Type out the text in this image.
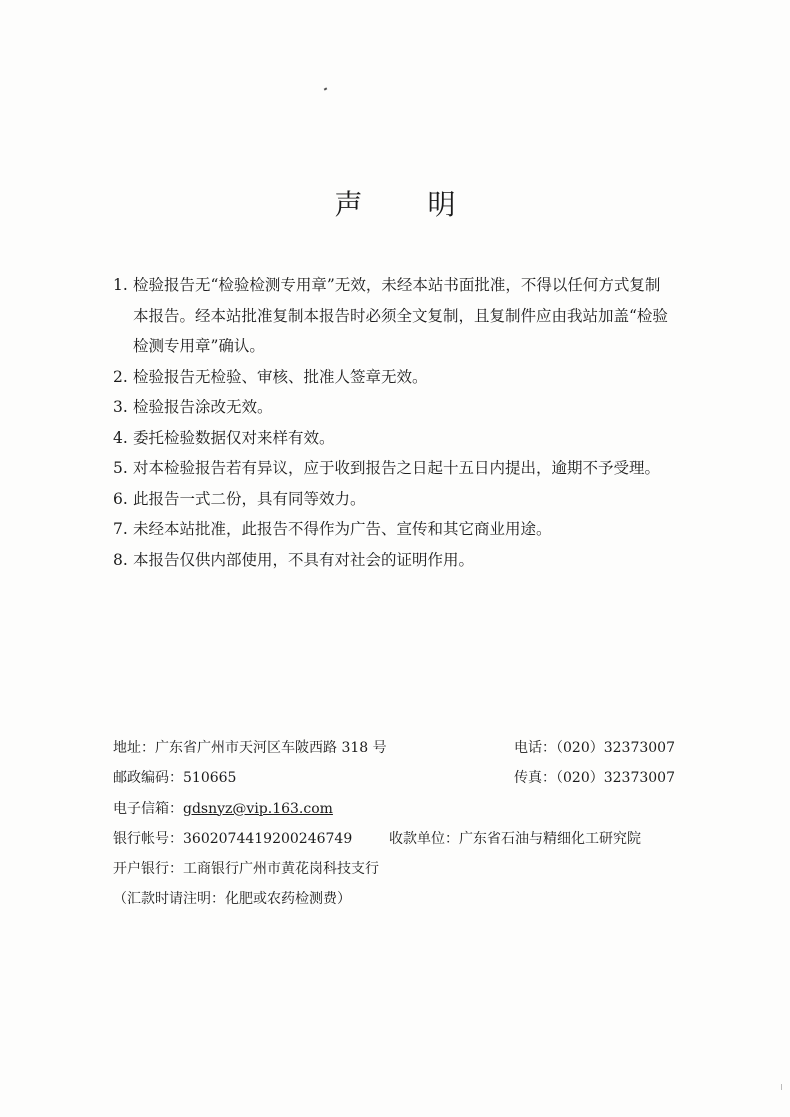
声 明
1. 检验报告无“检验检测专用章”无效，未经本站书面批准，不得以任何方式复制本报告。经本站批准复制本报告时必须全文复制，且复制件应由我站加盖“检验检测专用章”确认。
2. 检验报告无检验、审核、批准人签章无效。
3. 检验报告涂改无效。
4. 委托检验数据仅对来样有效。
5. 对本检验报告若有异议，应于收到报告之日起十五日内提出，逾期不予受理。
6. 此报告一式二份，具有同等效力。
7. 未经本站批准，此报告不得作为广告、宣传和其它商业用途。
8. 本报告仅供内部使用，不具有对社会的证明作用。
地址：广东省广州市天河区车陂西路 318 号	电话：（020）32373007
邮政编码：510665	传真：（020）32373007
电子信箱：gdsnyz@vip.163.com
银行帐号：3602074419200246749	收款单位：广东省石油与精细化工研究院
开户银行：工商银行广州市黄花岗科技支行
（汇款时请注明：化肥或农药检测费）
